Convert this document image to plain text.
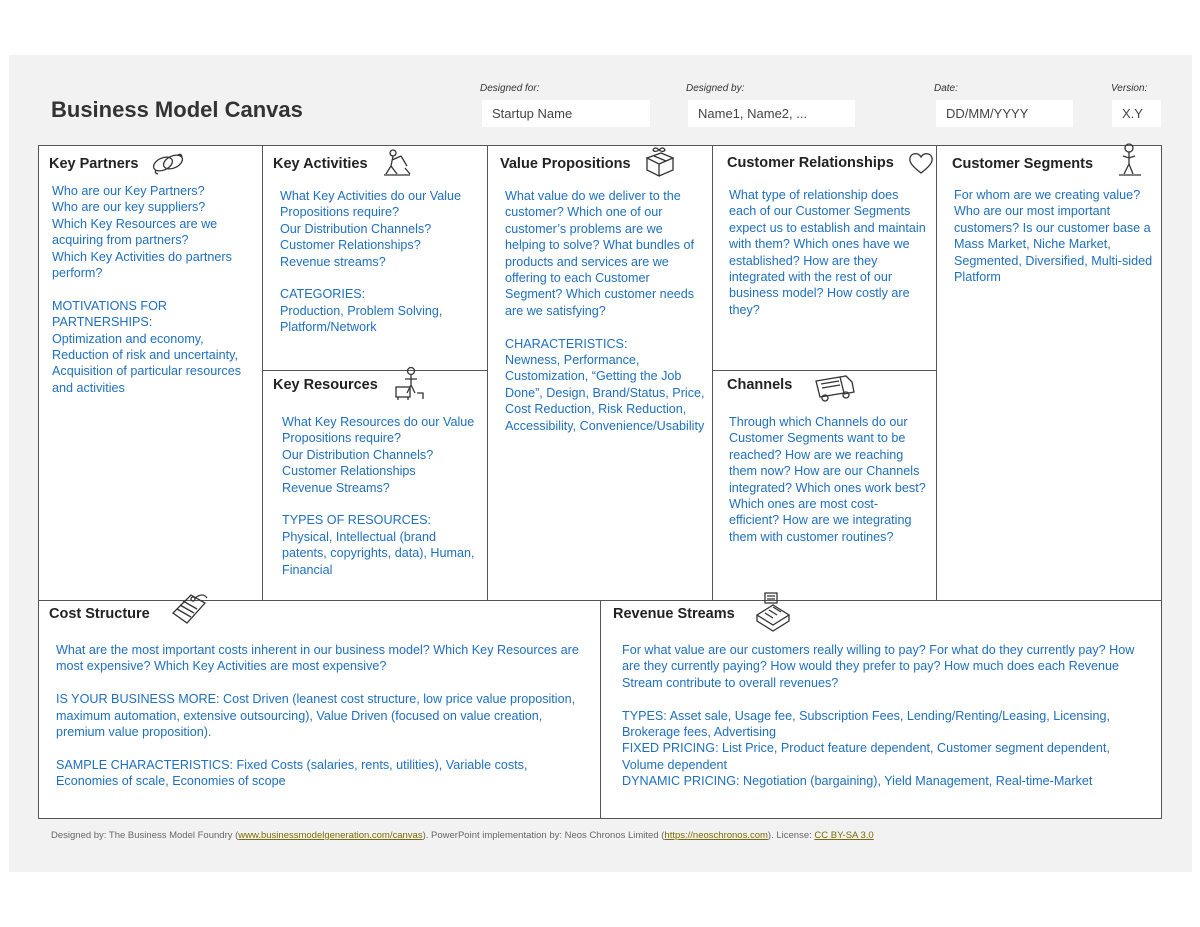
Business Model Canvas
Designed for:
Startup Name
Designed by:
Name1, Name2, ...
Date:
DD/MM/YYYY
Version:
X.Y
Key Partners
Who are our Key Partners?
Who are our key suppliers?
Which Key Resources are we acquiring from partners?
Which Key Activities do partners perform?

MOTIVATIONS FOR PARTNERSHIPS:
Optimization and economy, Reduction of risk and uncertainty, Acquisition of particular resources and activities
Key Activities
What Key Activities do our Value Propositions require?
Our Distribution Channels?
Customer Relationships?
Revenue streams?

CATEGORIES:
Production, Problem Solving, Platform/Network
Key Resources
What Key Resources do our Value Propositions require?
Our Distribution Channels?
Customer Relationships
Revenue Streams?

TYPES OF RESOURCES:
Physical, Intellectual (brand patents, copyrights, data), Human, Financial
Value Propositions
What value do we deliver to the customer? Which one of our customer’s problems are we helping to solve? What bundles of products and services are we offering to each Customer Segment? Which customer needs are we satisfying?

CHARACTERISTICS:
Newness, Performance, Customization, “Getting the Job Done”, Design, Brand/Status, Price, Cost Reduction, Risk Reduction, Accessibility, Convenience/Usability
Customer Relationships
What type of relationship does each of our Customer Segments expect us to establish and maintain with them? Which ones have we established? How are they integrated with the rest of our business model? How costly are they?
Channels
Through which Channels do our Customer Segments want to be reached? How are we reaching them now? How are our Channels integrated? Which ones work best? Which ones are most cost-efficient? How are we integrating them with customer routines?
Customer Segments
For whom are we creating value? Who are our most important customers? Is our customer base a Mass Market, Niche Market, Segmented, Diversified, Multi-sided Platform
Cost Structure
What are the most important costs inherent in our business model? Which Key Resources are most expensive? Which Key Activities are most expensive?

IS YOUR BUSINESS MORE: Cost Driven (leanest cost structure, low price value proposition, maximum automation, extensive outsourcing), Value Driven (focused on value creation, premium value proposition).

SAMPLE CHARACTERISTICS: Fixed Costs (salaries, rents, utilities), Variable costs, Economies of scale, Economies of scope
Revenue Streams
For what value are our customers really willing to pay? For what do they currently pay? How are they currently paying? How would they prefer to pay? How much does each Revenue Stream contribute to overall revenues?

TYPES: Asset sale, Usage fee, Subscription Fees, Lending/Renting/Leasing, Licensing, Brokerage fees, Advertising
FIXED PRICING: List Price, Product feature dependent, Customer segment dependent, Volume dependent
DYNAMIC PRICING: Negotiation (bargaining), Yield Management, Real-time-Market
Designed by: The Business Model Foundry (www.businessmodelgeneration.com/canvas). PowerPoint implementation by: Neos Chronos Limited (https://neoschronos.com). License: CC BY-SA 3.0
